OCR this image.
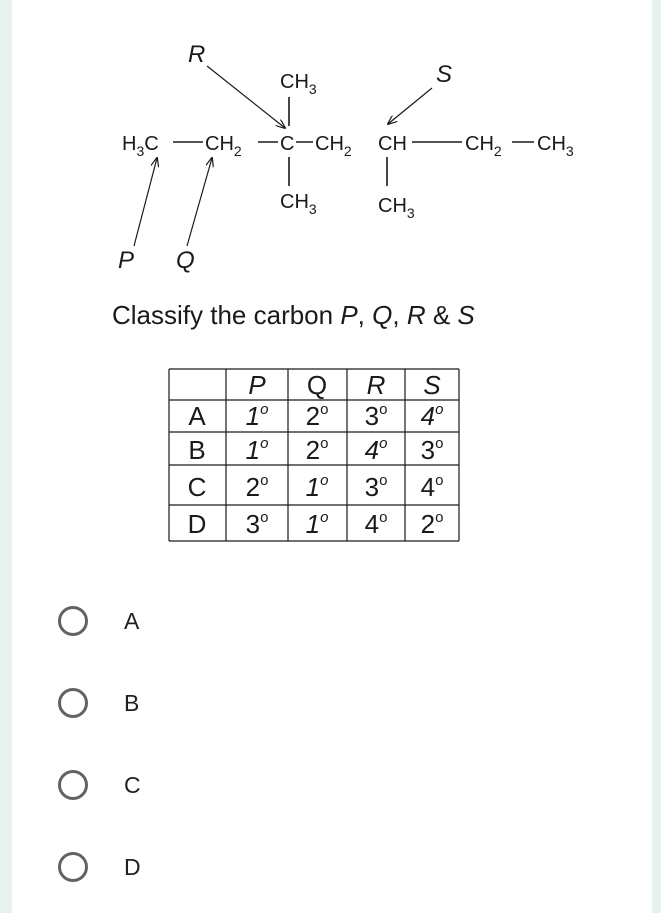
$H_3C$ $CH_2$ C $CH_2$ CH	$CH_2$ $CH_3$
$CH_3$
$CH_3$	$CH_3$
R
S
P Q
P Q R S
A 1$^o$ 2$^o$ 3$^o$ 4$^o$
B 1$^o$ 2$^o$ 4$^o$ 3$^o$
C 2$^o$ 1$^o$ 3$^o$ 4$^o$
D 3$^o$ 1$^o$ 4$^o$ 2$^o$
Classify the carbon P, Q, R & S
A
B
C
D
